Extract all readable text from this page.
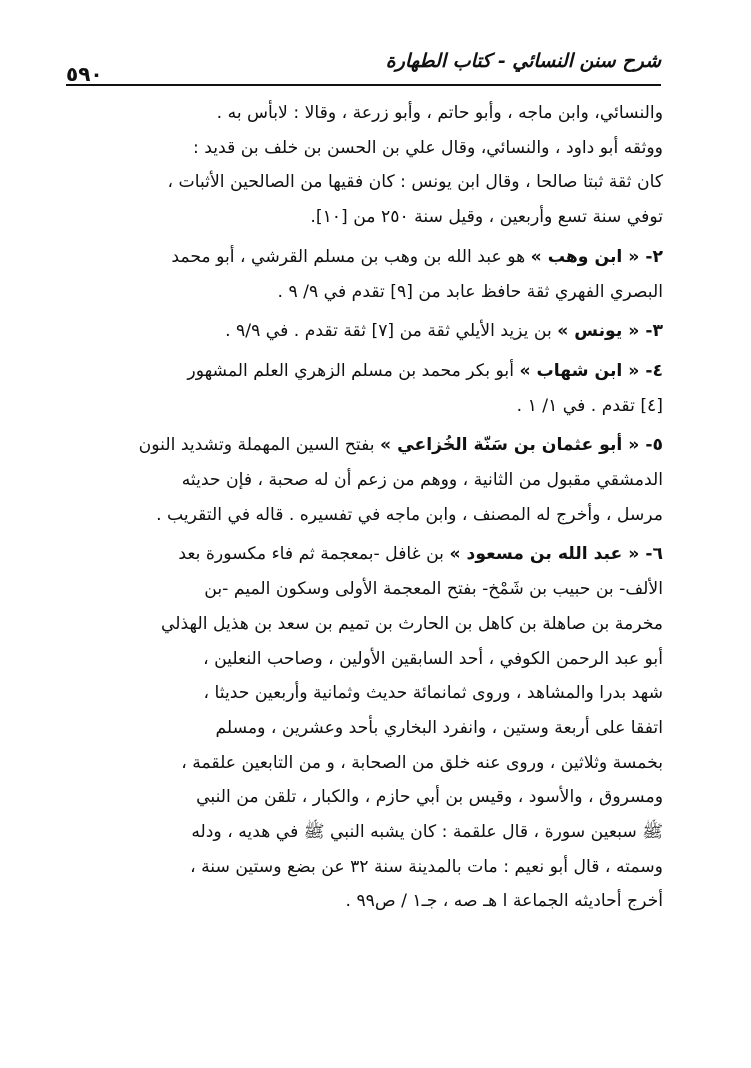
شرح سنن النسائي - كتاب الطهارة
٥٩٠
والنسائي، وابن ماجه ، وأبو حاتم ، وأبو زرعة ، وقالا : لابأس به .
ووثقه أبو داود ، والنسائي، وقال علي بن الحسن بن خلف بن قديد :
كان ثقة ثبتا صالحا ، وقال ابن يونس : كان فقيها من الصالحين الأثبات ،
توفي سنة تسع وأربعين ، وقيل سنة ٢٥٠ من [١٠].
٢- « ابن وهب » هو عبد الله بن وهب بن مسلم القرشي ، أبو محمد
البصري الفهري ثقة حافظ عابد من [٩] تقدم في ٩/ ٩ .
٣- « يونس » بن يزيد الأيلي ثقة من [٧] ثقة تقدم . في ٩/٩ .
٤- « ابن شهاب » أبو بكر محمد بن مسلم الزهري العلم المشهور
[٤] تقدم . في ١/ ١ .
٥- « أبو عثمان بن سَنّة الخُزاعي » بفتح السين المهملة وتشديد النون
الدمشقي مقبول من الثانية ، ووهم من زعم أن له صحبة ، فإن حديثه
مرسل ، وأخرج له المصنف ، وابن ماجه في تفسيره . قاله في التقريب .
٦- « عبد الله بن مسعود » بن غافل -بمعجمة ثم فاء مكسورة بعد
الألف- بن حبيب بن شَمْخ- بفتح المعجمة الأولى وسكون الميم -بن
مخرمة بن صاهلة بن كاهل بن الحارث بن تميم بن سعد بن هذيل الهذلي
أبو عبد الرحمن الكوفي ، أحد السابقين الأولين ، وصاحب النعلين ،
شهد بدرا والمشاهد ، وروى ثمانمائة حديث وثمانية وأربعين حديثا ،
اتفقا على أربعة وستين ، وانفرد البخاري بأحد وعشرين ، ومسلم
بخمسة وثلاثين ، وروى عنه خلق من الصحابة ، و من التابعين علقمة ،
ومسروق ، والأسود ، وقيس بن أبي حازم ، والكبار ، تلقن من النبي
ﷺ سبعين سورة ، قال علقمة : كان يشبه النبي ﷺ في هديه ، ودله
وسمته ، قال أبو نعيم : مات بالمدينة سنة ٣٢ عن بضع وستين سنة ،
أخرج أحاديثه الجماعة ا هـ صه ، جـ١ / ص٩٩ .
